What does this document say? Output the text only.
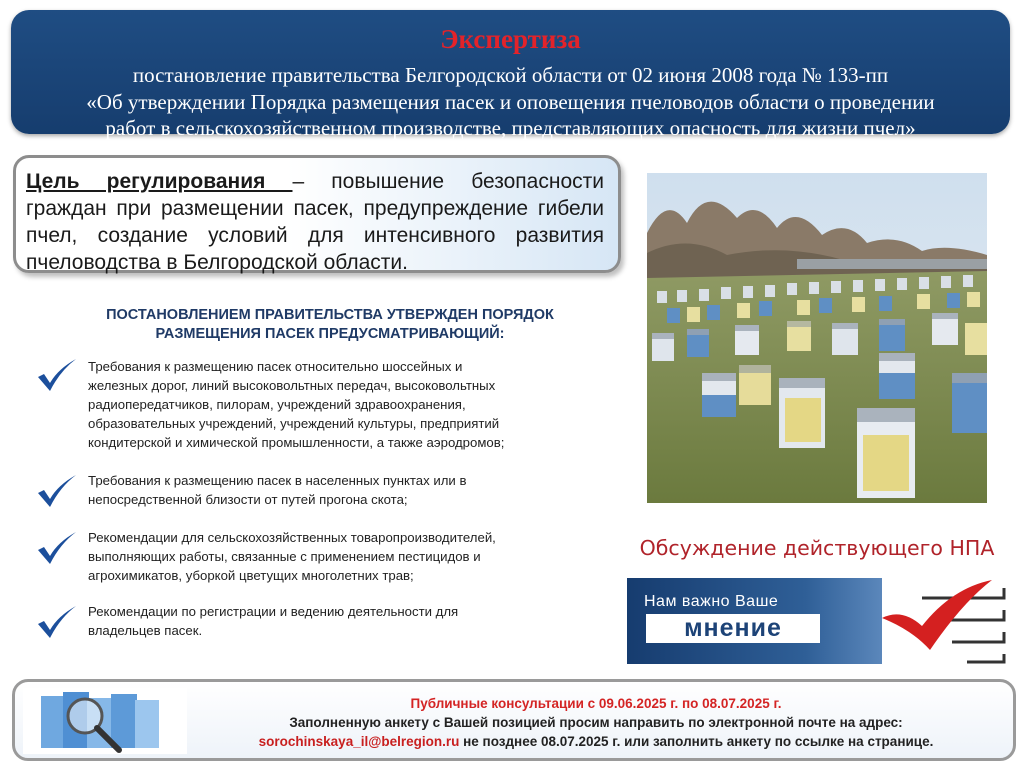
Экспертиза
постановление правительства Белгородской области от 02 июня 2008 года № 133-пп
«Об утверждении Порядка размещения пасек и оповещения пчеловодов области о проведении
работ в сельскохозяйственном производстве, представляющих опасность для жизни пчел»

Цель регулирования – повышение безопасности граждан при размещении пасек, предупреждение гибели пчел, создание условий для интенсивного развития пчеловодства в Белгородской области.

ПОСТАНОВЛЕНИЕМ ПРАВИТЕЛЬСТВА УТВЕРЖДЕН ПОРЯДОК
РАЗМЕЩЕНИЯ ПАСЕК ПРЕДУСМАТРИВАЮЩИЙ:
Требования к размещению пасек относительно шоссейных и
железных дорог, линий высоковольтных передач, высоковольтных
радиопередатчиков, пилорам, учреждений здравоохранения,
образовательных учреждений, учреждений культуры, предприятий
кондитерской и химической промышленности, а также аэродромов;
Требования к размещению пасек в населенных пунктах или в
непосредственной близости от путей прогона скота;
Рекомендации для сельскохозяйственных товаропроизводителей,
выполняющих работы, связанные с применением пестицидов и
агрохимикатов, уборкой цветущих многолетних трав;
Рекомендации по регистрации и ведению деятельности для
владельцев пасек.
Обсуждение действующего НПА
Нам важно Ваше
мнение
Публичные консультации с 09.06.2025 г. по 08.07.2025 г.
Заполненную анкету с Вашей позицией просим направить по электронной почте на адрес:
sorochinskaya_il@belregion.ru не позднее 08.07.2025 г. или заполнить анкету по ссылке на странице.
